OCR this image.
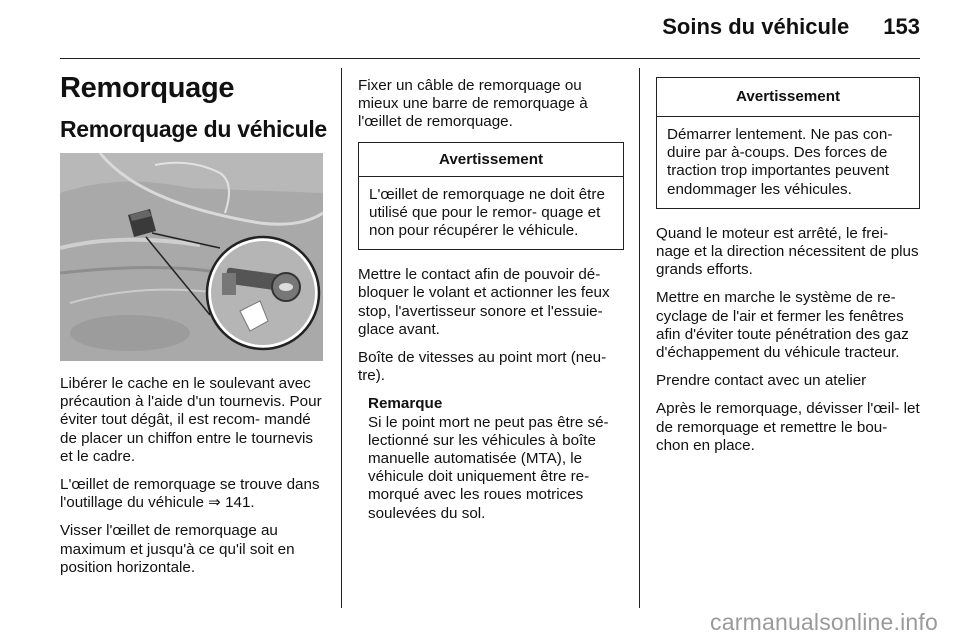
Soins du véhicule 153
Remorquage
Remorquage du véhicule

Libérer le cache en le soulevant avec précaution à l'aide d'un tournevis. Pour éviter tout dégât, il est recom- mandé de placer un chiffon entre le tournevis et le cadre.

L'œillet de remorquage se trouve dans l'outillage du véhicule ⇒ 141.

Visser l'œillet de remorquage au maximum et jusqu'à ce qu'il soit en position horizontale.

Fixer un câble de remorquage ou mieux une barre de remorquage à l'œillet de remorquage.

Avertissement
L'œillet de remorquage ne doit être utilisé que pour le remor- quage et non pour récupérer le véhicule.

Mettre le contact afin de pouvoir dé- bloquer le volant et actionner les feux stop, l'avertisseur sonore et l'essuie- glace avant.

Boîte de vitesses au point mort (neu- tre).

Remarque
Si le point mort ne peut pas être sé- lectionné sur les véhicules à boîte manuelle automatisée (MTA), le véhicule doit uniquement être re- morqué avec les roues motrices soulevées du sol.
Avertissement
Démarrer lentement. Ne pas con- duire par à-coups. Des forces de traction trop importantes peuvent endommager les véhicules.

Quand le moteur est arrêté, le frei- nage et la direction nécessitent de plus grands efforts.

Mettre en marche le système de re- cyclage de l'air et fermer les fenêtres afin d'éviter toute pénétration des gaz d'échappement du véhicule tracteur.

Prendre contact avec un atelier

Après le remorquage, dévisser l'œil- let de remorquage et remettre le bou- chon en place.

carmanualsonline.info
